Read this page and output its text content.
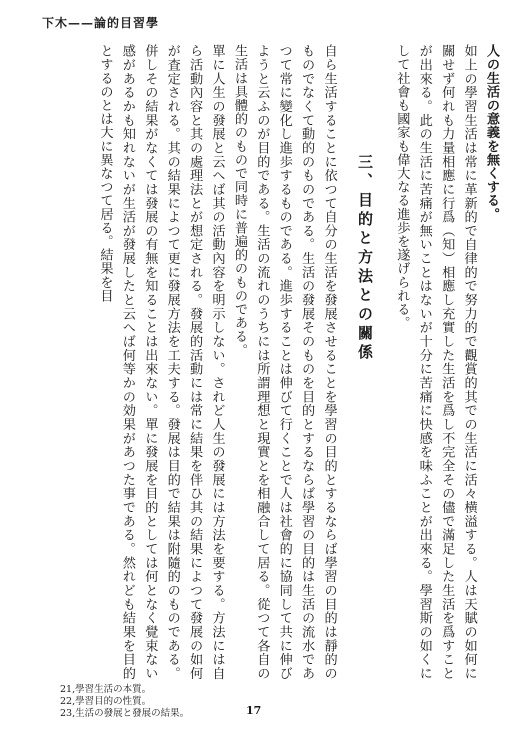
學習目的論——木下

人の生活の意義を無くする。

如上の學習生活は常に革新的で自律的で努力的で觀賞的其での生活に活々横溢する。人は天賦の如何に關せず何れも力量相應に行爲（知）相應し充實した生活を爲し不完全その儘で滿足した生活を爲すことが出來る。此の生活に苦痛が無いことはないが十分に苦痛に快感を味ふことが出來る。學習斯の如くにして社會も國家も偉大なる進歩を遂げられる。

三、目的と方法との關係

自ら生活することに依つて自分の生活を發展させることを學習の目的とするならば學習の目的は靜的のものでなくて動的のものである。生活の發展そのものを目的とするならば學習の目的は生活の流水であつて常に變化し進歩するものである。進歩することは伸びて行くことで人は社會的に協同して共に伸びようと云ふのが目的である。生活の流れのうちには所謂理想と現實とを相融合して居る。從つて各自の生活は具體的のもので同時に普遍的のものである。

單に人生の發展と云へば其の活動內容を明示しない。されど人生の發展には方法を要する。方法には自ら活動內容と其の處理法とが想定される。發展的活動には常に結果を伴ひ其の結果によつて發展の如何が査定される。其の結果によつて更に發展方法を工夫する。發展は目的で結果は附隨的のものである。併しその結果がなくては發展の有無を知ることは出來ない。單に發展を目的としては何となく覺束ない感があるかも知れないが生活が發展したと云へば何等かの効果があつた事である。然れども結果を目的とするのとは大に異なつて居る。結果を目

21,學習生活の本質。
22,學習目的の性質。
23,生活の發展と發展の結果。	17
